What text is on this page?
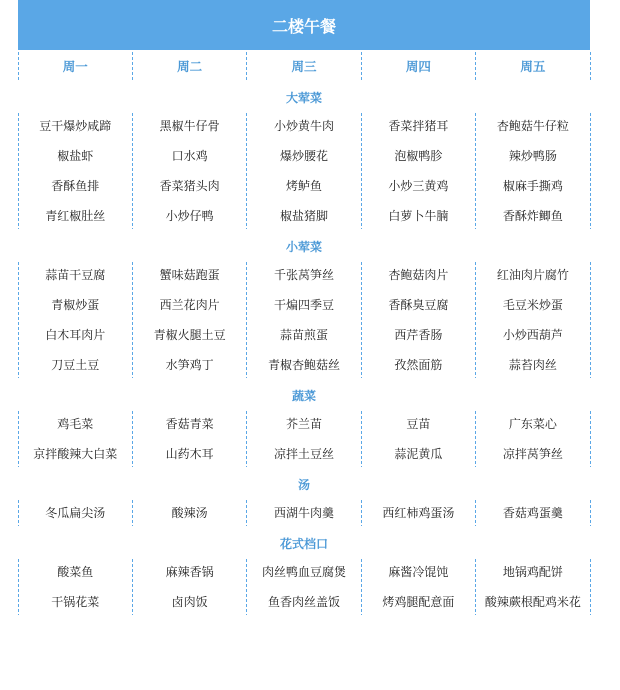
二楼午餐
周一	周二	周三	周四	周五
大荤菜
豆干爆炒咸蹄	黑椒牛仔骨	小炒黄牛肉	香菜拌猪耳	杏鲍菇牛仔粒
椒盐虾	口水鸡	爆炒腰花	泡椒鸭胗	辣炒鸭肠
香酥鱼排	香菜猪头肉	烤鲈鱼	小炒三黄鸡	椒麻手撕鸡
青红椒肚丝	小炒仔鸭	椒盐猪脚	白萝卜牛腩	香酥炸鲫鱼
小荤菜
蒜苗干豆腐	蟹味菇跑蛋	千张莴笋丝	杏鲍菇肉片	红油肉片腐竹
青椒炒蛋	西兰花肉片	干煸四季豆	香酥臭豆腐	毛豆米炒蛋
白木耳肉片	青椒火腿土豆	蒜苗煎蛋	西芹香肠	小炒西葫芦
刀豆土豆	水笋鸡丁	青椒杏鲍菇丝	孜然面筋	蒜苔肉丝
蔬菜
鸡毛菜	香菇青菜	芥兰苗	豆苗	广东菜心
京拌酸辣大白菜	山药木耳	凉拌土豆丝	蒜泥黄瓜	凉拌莴笋丝
汤
冬瓜扁尖汤	酸辣汤	西湖牛肉羹	西红柿鸡蛋汤	香菇鸡蛋羹
花式档口
酸菜鱼	麻辣香锅	肉丝鸭血豆腐煲	麻酱冷馄饨	地锅鸡配饼
干锅花菜	卤肉饭	鱼香肉丝盖饭	烤鸡腿配意面	酸辣蕨根配鸡米花
